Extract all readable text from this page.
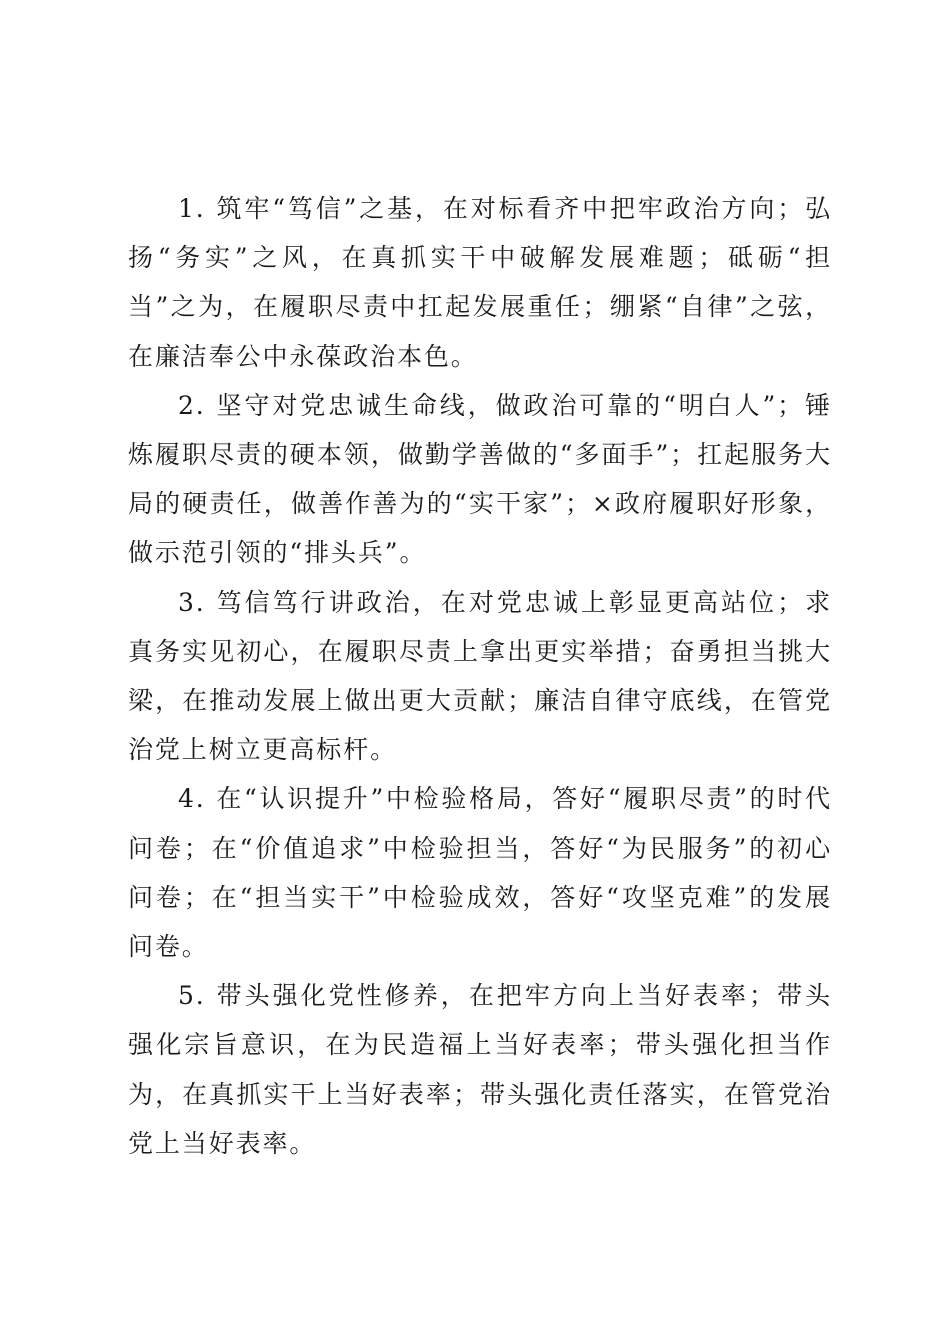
1. 筑牢“笃信”之基，在对标看齐中把牢政治方向；弘扬“务实”之风，在真抓实干中破解发展难题；砥砺“担当”之为，在履职尽责中扛起发展重任；绷紧“自律”之弦，在廉洁奉公中永葆政治本色。

2. 坚守对党忠诚生命线，做政治可靠的“明白人”；锤炼履职尽责的硬本领，做勤学善做的“多面手”；扛起服务大局的硬责任，做善作善为的“实干家”；×政府履职好形象，做示范引领的“排头兵”。

3. 笃信笃行讲政治，在对党忠诚上彰显更高站位；求真务实见初心，在履职尽责上拿出更实举措；奋勇担当挑大梁，在推动发展上做出更大贡献；廉洁自律守底线，在管党治党上树立更高标杆。

4. 在“认识提升”中检验格局，答好“履职尽责”的时代问卷；在“价值追求”中检验担当，答好“为民服务”的初心问卷；在“担当实干”中检验成效，答好“攻坚克难”的发展问卷。

5. 带头强化党性修养，在把牢方向上当好表率；带头强化宗旨意识，在为民造福上当好表率；带头强化担当作为，在真抓实干上当好表率；带头强化责任落实，在管党治党上当好表率。
